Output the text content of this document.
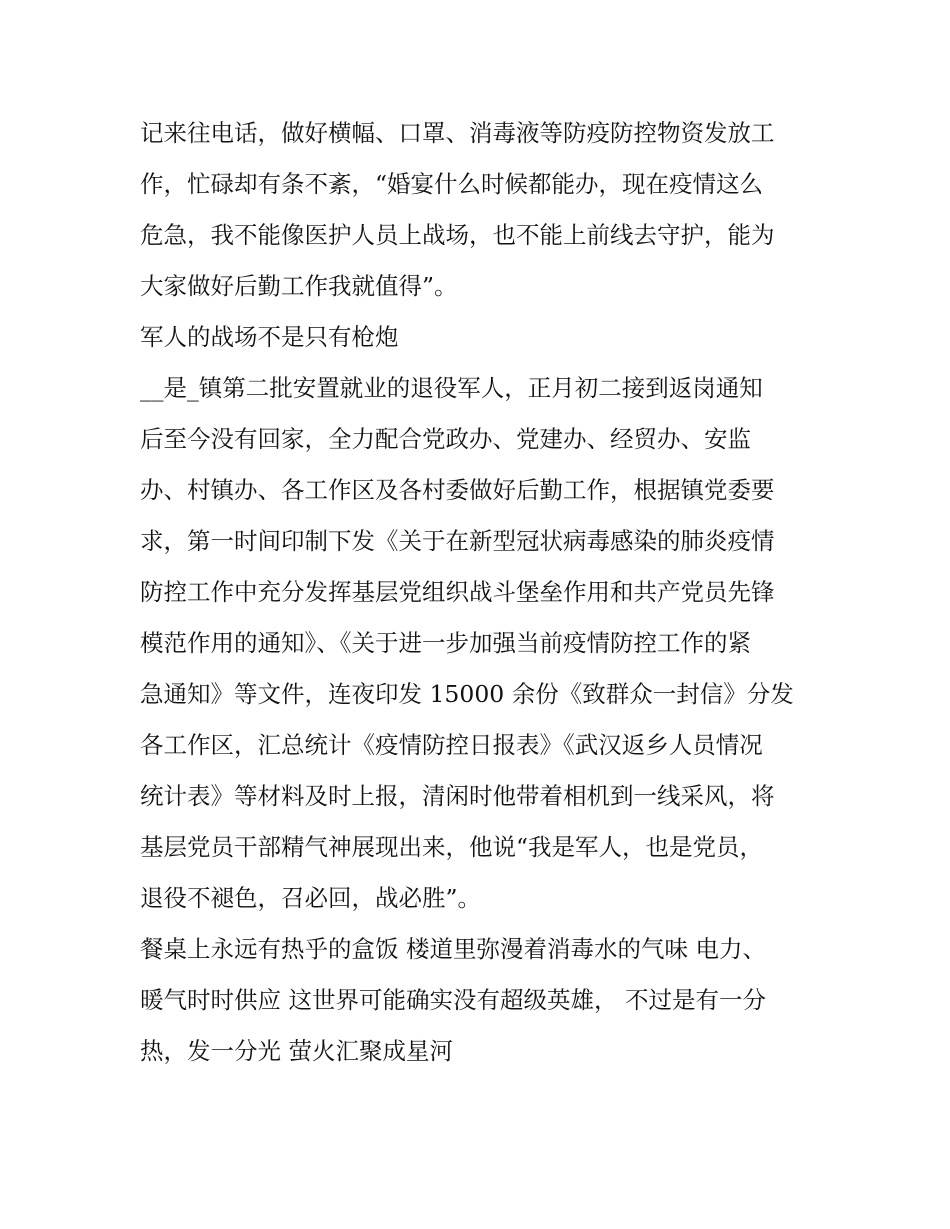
记来往电话，做好横幅、口罩、消毒液等防疫防控物资发放工
作，忙碌却有条不紊，“婚宴什么时候都能办，现在疫情这么
危急，我不能像医护人员上战场，也不能上前线去守护，能为
大家做好后勤工作我就值得”。
军人的战场不是只有枪炮
__是_镇第二批安置就业的退役军人，正月初二接到返岗通知
后至今没有回家，全力配合党政办、党建办、经贸办、安监
办、村镇办、各工作区及各村委做好后勤工作，根据镇党委要
求，第一时间印制下发《关于在新型冠状病毒感染的肺炎疫情
防控工作中充分发挥基层党组织战斗堡垒作用和共产党员先锋
模范作用的通知》、《关于进一步加强当前疫情防控工作的紧
急通知》等文件，连夜印发 15000 余份《致群众一封信》分发
各工作区，汇总统计《疫情防控日报表》《武汉返乡人员情况
统计表》等材料及时上报，清闲时他带着相机到一线采风，将
基层党员干部精气神展现出来，他说“我是军人，也是党员，
退役不褪色，召必回，战必胜”。
餐桌上永远有热乎的盒饭 楼道里弥漫着消毒水的气味 电力、
暖气时时供应 这世界可能确实没有超级英雄， 不过是有一分
热，发一分光 萤火汇聚成星河
